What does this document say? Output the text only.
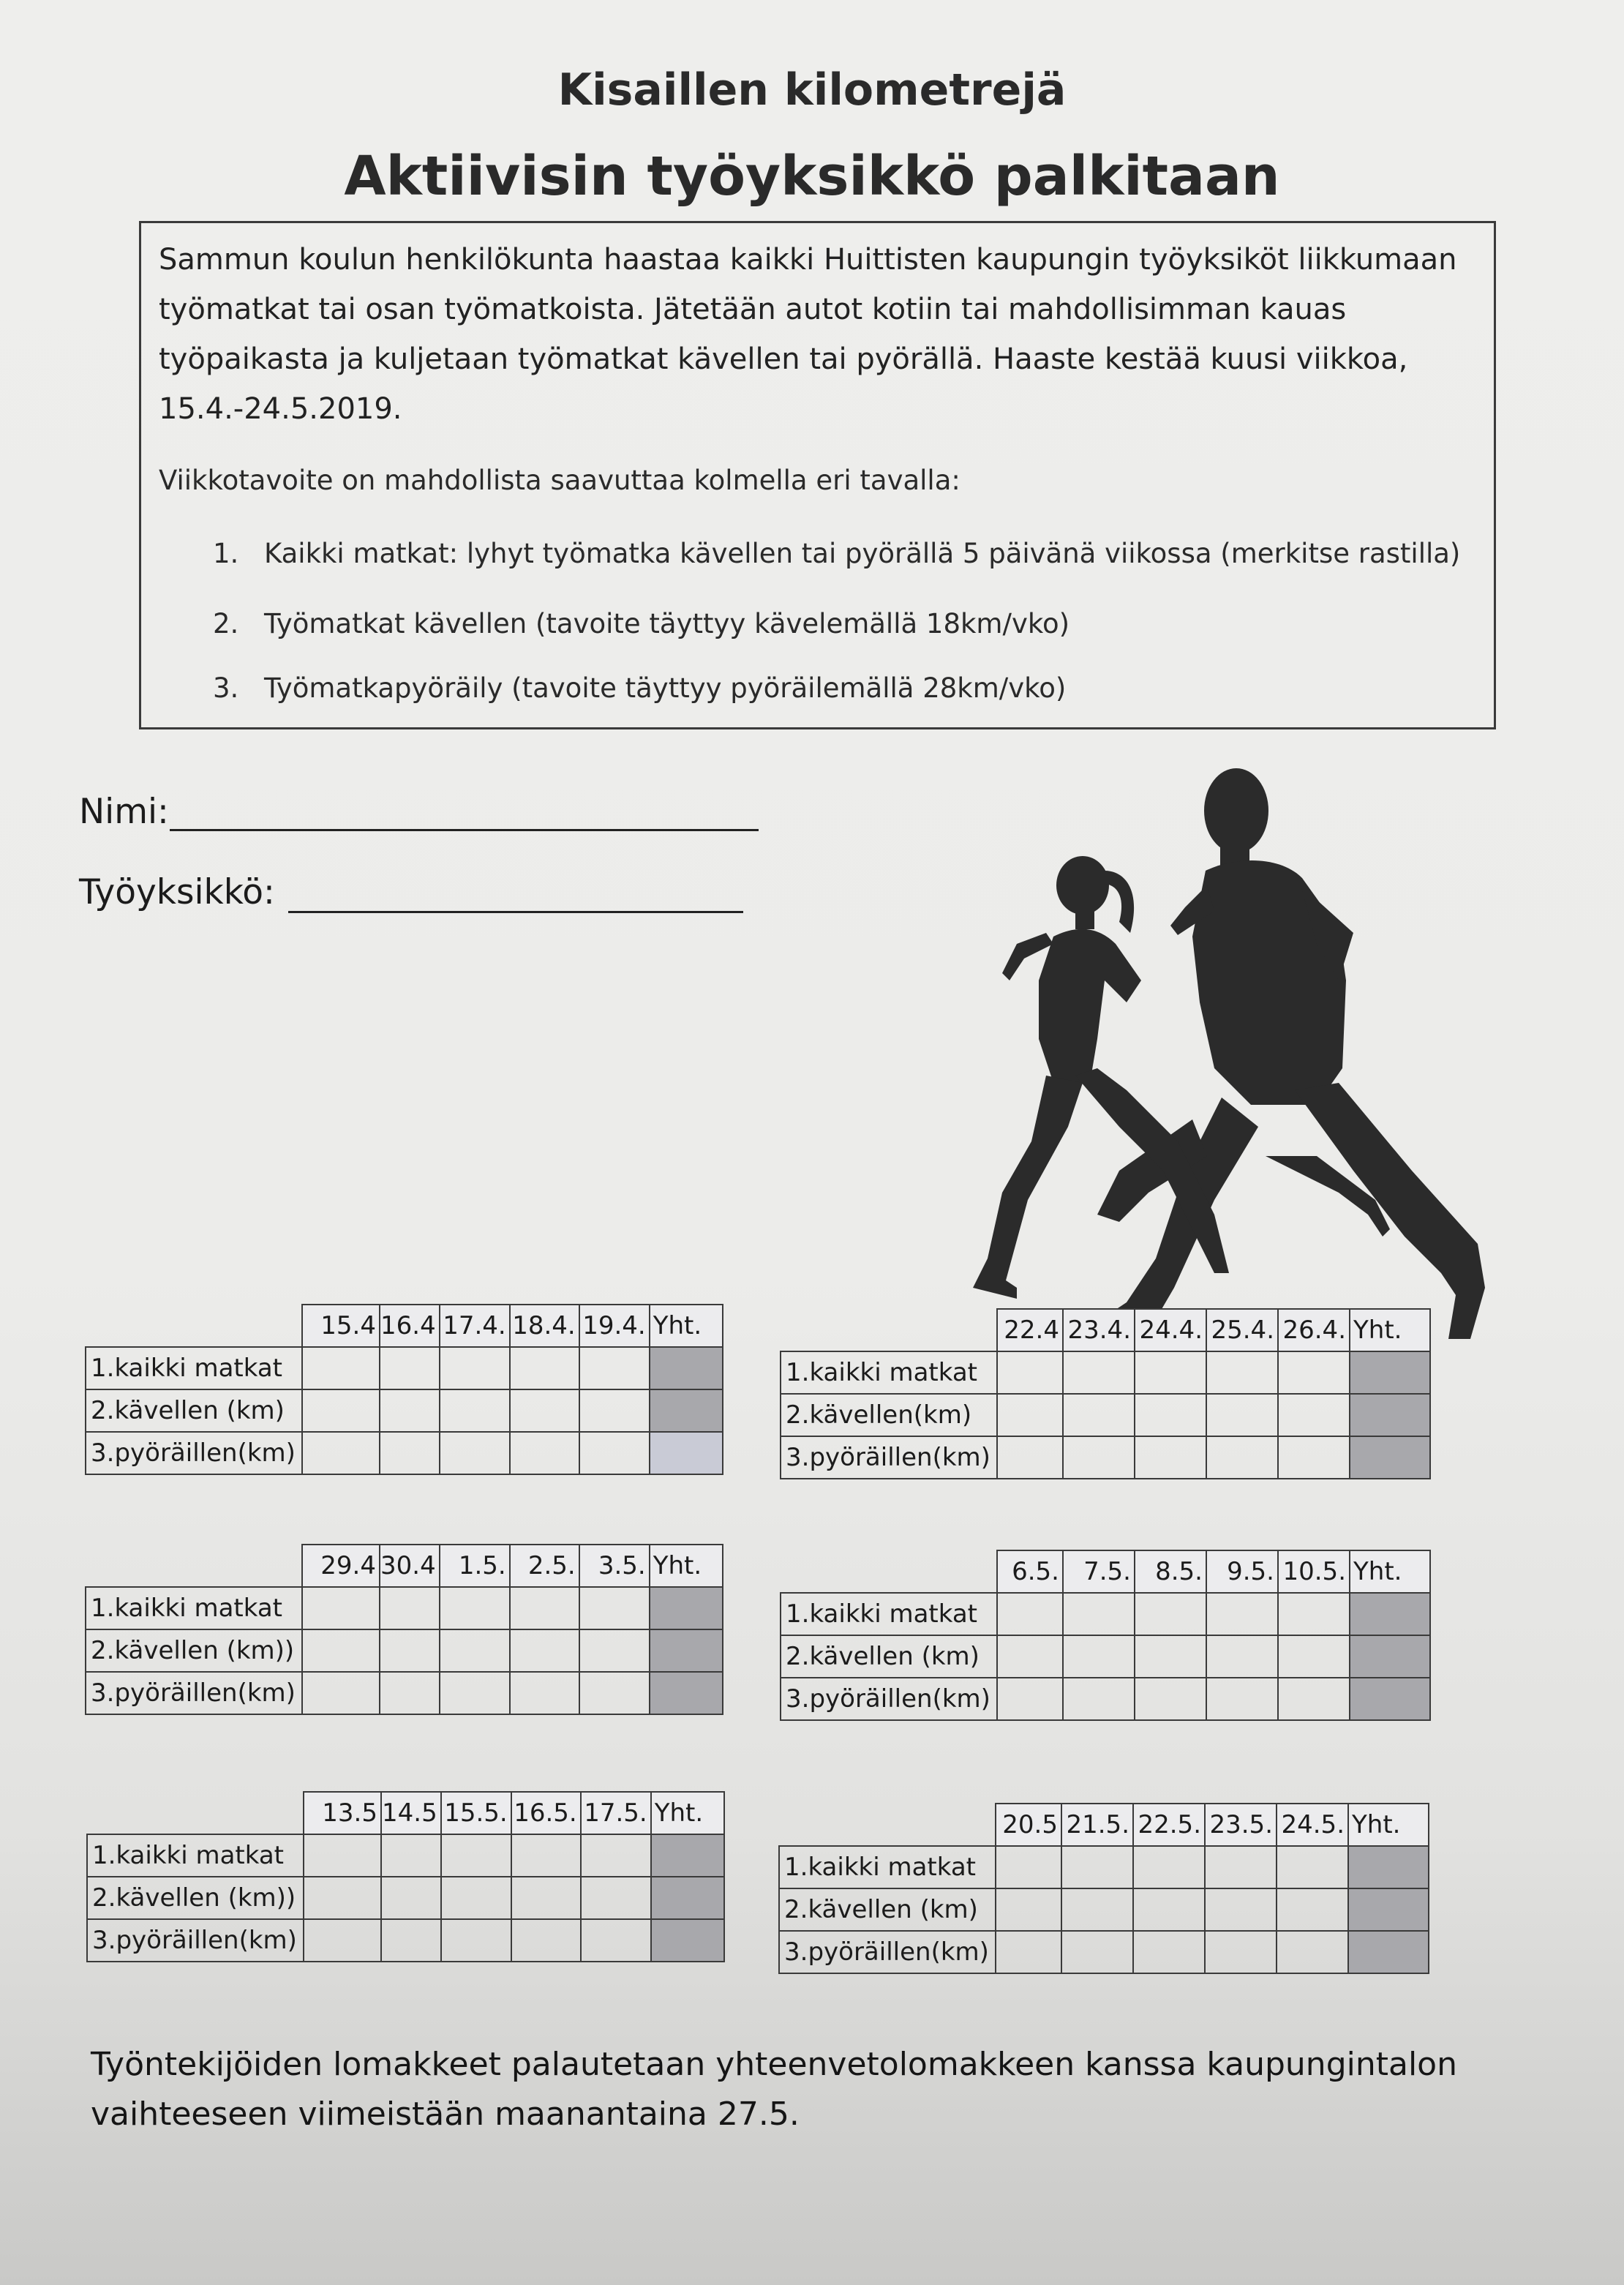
Kisaillen kilometrejä
Aktiivisin työyksikkö palkitaan
Sammun koulun henkilökunta haastaa kaikki Huittisten kaupungin työyksiköt liikkumaan
työmatkat tai osan työmatkoista. Jätetään autot kotiin tai mahdollisimman kauas
työpaikasta ja kuljetaan työmatkat kävellen tai pyörällä. Haaste kestää kuusi viikkoa,
15.4.-24.5.2019.
Viikkotavoite on mahdollista saavuttaa kolmella eri tavalla:
1. Kaikki matkat: lyhyt työmatka kävellen tai pyörällä 5 päivänä viikossa (merkitse rastilla)
2. Työmatkat kävellen (tavoite täyttyy kävelemällä 18km/vko)
3. Työmatkapyöräily (tavoite täyttyy pyöräilemällä 28km/vko)
Nimi:
Työyksikkö:
	15.4	16.4	17.4.	18.4.	19.4.	Yht.
1.kaikki matkat						
2.kävellen (km)						
3.pyöräillen(km)						
	22.4	23.4.	24.4.	25.4.	26.4.	Yht.
1.kaikki matkat						
2.kävellen(km)						
3.pyöräillen(km)						
	29.4	30.4	1.5.	2.5.	3.5.	Yht.
1.kaikki matkat						
2.kävellen (km))						
3.pyöräillen(km)						
	6.5.	7.5.	8.5.	9.5.	10.5.	Yht.
1.kaikki matkat						
2.kävellen (km)						
3.pyöräillen(km)						
	13.5	14.5	15.5.	16.5.	17.5.	Yht.
1.kaikki matkat						
2.kävellen (km))						
3.pyöräillen(km)						
	20.5	21.5.	22.5.	23.5.	24.5.	Yht.
1.kaikki matkat						
2.kävellen (km)						
3.pyöräillen(km)						
Työntekijöiden lomakkeet palautetaan yhteenvetolomakkeen kanssa kaupungintalon
vaihteeseen viimeistään maanantaina 27.5.
